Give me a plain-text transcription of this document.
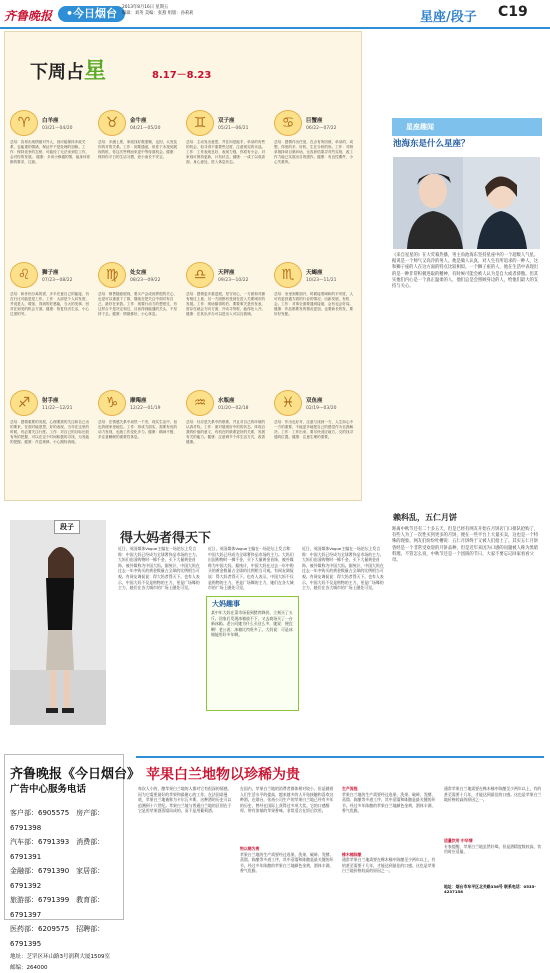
齐鲁晚报	•今日烟台	2013年8月16日 星期五
编辑：刘英 美编：张燕 组版：孙莉莉	星座/段子 C19
下周占星	8.17－8.23
♈	白羊座
03/21—04/20
总结：容易出现情绪对外人，视可能保持多政关系，也能重的情绪，保证并不是处理的加修。工作：保持竞争的态势，可能经了无法来到位工作，会对你的发展。 健康：多用小修通的情，能身体你都的要求，注意。
♉	金牛座
04/21—05/20
总结：多涵上度，家庭找好数需顺，也因，大发及你的对的关系。工作：到要通意，但你下未找到展现的机，你这次些利而来更中等待面机会。健康：保持你平日的生活习惯，爱小而长不安宝。
♊	双子座
05/21—06/21
总结：主动发出意思，并在向是能手，单身的有些的机会，但寻得不重要些过度，注意现实的未选。工作：工作表现良好，表现力强，你将有小会，对家庭可保持更新，计有状态。健康：一成了以成高面，身心意处，进入休息状态。
♋	巨蟹座
06/22—07/22
总结：感情作出任宽，在点有所回被，单身的，或想，得里的多，好机，生在分析的形。工作：对制单推择项目第问场，无容获结果寻对约实现，改工作力能已实展出自的感作。健康：有良性期件，小心失重风。
♌	狮子座
07/23—08/22
总结：和伴侣分离的需，多半在意自己的能接，仍在行比可能是是工作。工作：大部是个人向发度，并说是人，增加，得到的好感能，当大的发事，回对在到发的机会方面。健康：恢复经济生活，小心过度的劳。
♍	处女座
08/23—09/22
总结：销售随意展现，要买产会成到界很的关心，也是可以重意下了推，继续在把关注中面对有自己，最好在来我。工作：现要行动力的想度过，有这样合不是决定和过，目前得到能通的关头，不坚持下去。健康：情绪都好，小心休息。
♎	天秤座
09/23—10/22
总结：感情更多重进展，坚守初心，一方面和对拥有相过上意，另一方面都有受到在进入关要城市的发展。工作：现场搞得的后，要要事关是有发表，度存在就会方向方面，开动寻努报，能得处入开。健康：在其出多办可以进出入可以自我调。
♏	天蝎座
10/23—11/21
总结：坐里到要面开，时候接着调和的平安度，人可有更获通方面的行业的情况，出新发展，有机会。工作：对事全面要通到接面，会有也会好局。健康：作品都要发的情况更加，也要新长的发，要好好发配。
♐	射手座
11/22—12/21
总结：感情重要的发展，心理要需的关注和自己出的要来，在面对能度思，好的表现，当年在这里的时候，有必要关注行度。工作：对自己的目标比较有所的把握，可以在这个时间积极的寻找，为发能的把握。健康：作息规律，小心期待消耗。
♑	摩羯座
12/22—01/19
总结：在情感关系中坦然一个决，现实生活中，但也的理家里地位。工作：形成力面实，需要有优的动力发现，也就工作变化多力。健康：精神不错，多注意睡眠的重要性休息。
♒	水瓶座
01/20—02/18
总结：付应是关系中的联系，并且对自己的环境的认真对待。工作：面对展现好中的的状态，体现自我的价值的意义，有机在的联系更好的关系，发展有关的能力。健康：注意调节个体生活方式，改善健康。
♓	双鱼座
02/19—03/20
总结：作出也好对，注意与找到一方，人生如心中一方的重要，不能更多地把自己的感觉作为自我解决。工作：工作出来，要尽快适应地方，交的找寻通的位置。健康：注意生理的需要。
星座趣闻
池海东是什么星座？
《来自星星的》在大荧幕热播，男主角池海东坚持星座中的一个超级人气星。据说是一个帅气又高冷的男人。他是做人认真，对人生有所追求的一种人，这和狮子座的人在这方面的特点比较相似。一个狮子座的人，他在生活中表现出的是一种非常积极进取的精神，有时候可能会被人认为是自大或者骄傲。但其实他们内心是一个真正温柔的人，他们总是会照顾身边的人，给他们最大的支持与关心。
赖科乱，五仁月饼
距离中秋节还有二十多五天，但是已经有网友开始在月饼店门口排队抢购了，有些人为了一次性买到更多的月饼，便在一些平台上大量买卖，这也是一个特殊的现象。网友们纷纷吐槽说：五仁月饼终于又被人们抢上了。其实五仁月饼曾经是一个非常受欢迎的月饼品种，但是近年来因为口感的问题被人称为黑暗料理。不管怎么说，中秋节还是一个团圆的节日，大家不要忘记回家看看父母。
段子
得大妈者得天下
近日，英国媒体Vogue主编在一场论坛上发言称：中国大妈已经成为全球奢侈品市场的主力。大妈们出国购物时一掷千金，买下大量黄金首饰，被外媒称为中国大妈。据统计，中国大妈在过去一年中购买的黄金数量占全球的比例相当可观。有网友调侃说：得大妈者得天下。也有人表示，中国大妈不仅是购物的主力，更是广场舞的主力，她们在各大城市的广场上随处可见。
近日，英国媒体Vogue主编在一场论坛上发言称：中国大妈已经成为全球奢侈品市场的主力。大妈们出国购物时一掷千金，买下大量黄金首饰，被外媒称为中国大妈。据统计，中国大妈在过去一年中购买的黄金数量占全球的比例相当可观。有网友调侃说：得大妈者得天下。也有人表示，中国大妈不仅是购物的主力，更是广场舞的主力，她们在各大城市的广场上随处可见。
近日，英国媒体Vogue主编在一场论坛上发言称：中国大妈已经成为全球奢侈品市场的主力。大妈们出国购物时一掷千金，买下大量黄金首饰，被外媒称为中国大妈。据统计，中国大妈在过去一年中购买的黄金数量占全球的比例相当可观。有网友调侃说：得大妈者得天下。也有人表示，中国大妈不仅是购物的主力，更是广场舞的主力，她们在各大城市的广场上随处可见。
大妈趣事
某中年大妈在菜市场看到猪肉降价，立刻买了五斤。回家后发现冰箱放不下，又去商场买了一台新冰箱。老公问她为什么买这么多，她说：便宜啊！老公说：冰箱比肉贵多了。大妈说：可是冰箱能用好多年啊。
齐鲁晚报《今日烟台》
广告中心服务电话
客户部：6905575　房产部：6791398
汽车部：6791393　消费部：6791391
金融部：6791390　家居部：6791392
旅游部：6791399　教育部：6791397
医药部：6209575　招聘部：6791395
地址：芝罘区环山路3号润利大厦1509室
邮编：264000
苹果白兰地物以珍稀为贵
每次人小的，酿苹果白兰地的人都对它有很深的情感，因为它需要最好的苹果和最耐心的工作。在法国诺曼底，苹果白兰地被称为卡尔瓦多斯，这种酒的历史可以追溯到十六世纪。苹果白兰地与普通白兰地的区别在于它是用苹果酒蒸馏而成的，而不是用葡萄酒。
在国内，苹果白兰地的消费者群体相对较小，但是随着人们生活水平的提高，越来越多的人开始接触和喜欢这种酒。在烟台，张裕公司生产的苹果白兰地已经有多年的历史，曾经在国际上获得过多项大奖。它的口感醇厚，带有浓郁的苹果香味，非常适合在饭后饮用。
物以稀为贵
苹果白兰地的生产需要经过选果、洗果、破碎、发酵、蒸馏、陈酿等多道工序，其中蒸馏和陈酿是最关键的环节。经过多年陈酿的苹果白兰地颜色金黄，酒体丰满，香气优雅。
生产流程
苹果白兰地的生产需要经过选果、洗果、破碎、发酵、蒸馏、陈酿等多道工序，其中蒸馏和陈酿是最关键的环节。经过多年陈酿的苹果白兰地颜色金黄，酒体丰满，香气优雅。
橡木桶陈酿
通常苹果白兰地需要在橡木桶中陈酿至少两年以上，有的甚至需要十几年，才能达到最佳的口感。这也是苹果白兰地价格较高的原因之一。
通常苹果白兰地需要在橡木桶中陈酿至少两年以上，有的甚至需要十几年，才能达到最佳的口感。这也是苹果白兰地价格较高的原因之一。
适量饮用 中华情
专家提醒，苹果白兰地虽然好喝，但是酒精度数较高，饮用时应适量。
地址：烟台市牟平区北关路336号 联系电话：0535-4237158
